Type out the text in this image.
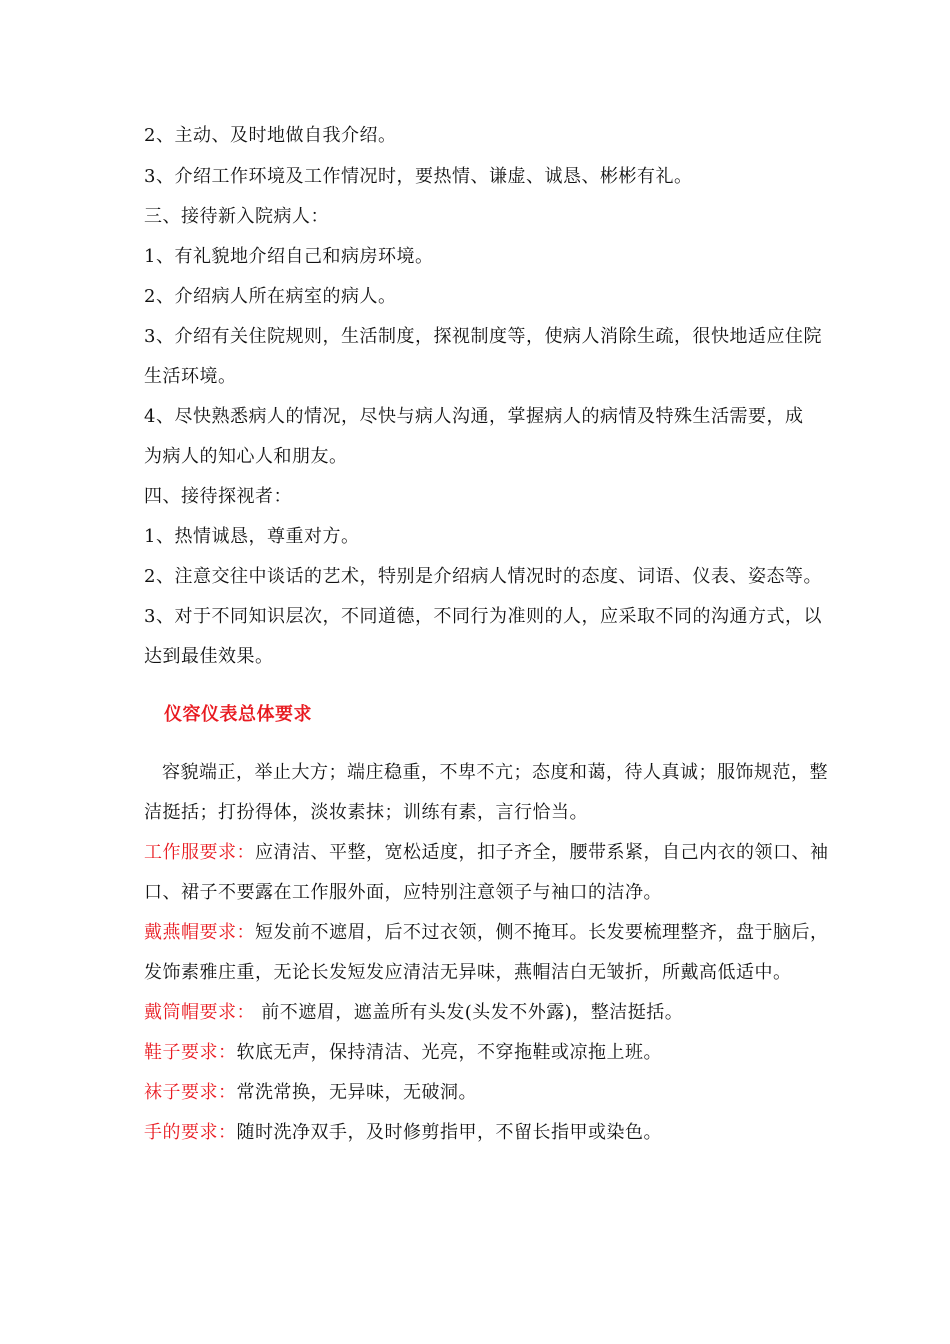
2、主动、及时地做自我介绍。
3、介绍工作环境及工作情况时，要热情、谦虚、诚恳、彬彬有礼。
三、接待新入院病人：
1、有礼貌地介绍自己和病房环境。
2、介绍病人所在病室的病人。
3、介绍有关住院规则，生活制度，探视制度等，使病人消除生疏，很快地适应住院
生活环境。
4、尽快熟悉病人的情况，尽快与病人沟通，掌握病人的病情及特殊生活需要，成
为病人的知心人和朋友。
四、接待探视者：
1、热情诚恳，尊重对方。
2、注意交往中谈话的艺术，特别是介绍病人情况时的态度、词语、仪表、姿态等。
3、对于不同知识层次，不同道德，不同行为准则的人，应采取不同的沟通方式，以
达到最佳效果。
仪容仪表总体要求
容貌端正，举止大方；端庄稳重，不卑不亢；态度和蔼，待人真诚；服饰规范，整
洁挺括；打扮得体，淡妆素抹；训练有素，言行恰当。
工作服要求：应清洁、平整，宽松适度，扣子齐全，腰带系紧，自己内衣的领口、袖
口、裙子不要露在工作服外面，应特别注意领子与袖口的洁净。
戴燕帽要求：短发前不遮眉，后不过衣领，侧不掩耳。长发要梳理整齐，盘于脑后，
发饰素雅庄重，无论长发短发应清洁无异味，燕帽洁白无皱折，所戴高低适中。
戴筒帽要求： 前不遮眉，遮盖所有头发(头发不外露)，整洁挺括。
鞋子要求：软底无声，保持清洁、光亮，不穿拖鞋或凉拖上班。
袜子要求：常洗常换，无异味，无破洞。
手的要求：随时洗净双手，及时修剪指甲，不留长指甲或染色。
